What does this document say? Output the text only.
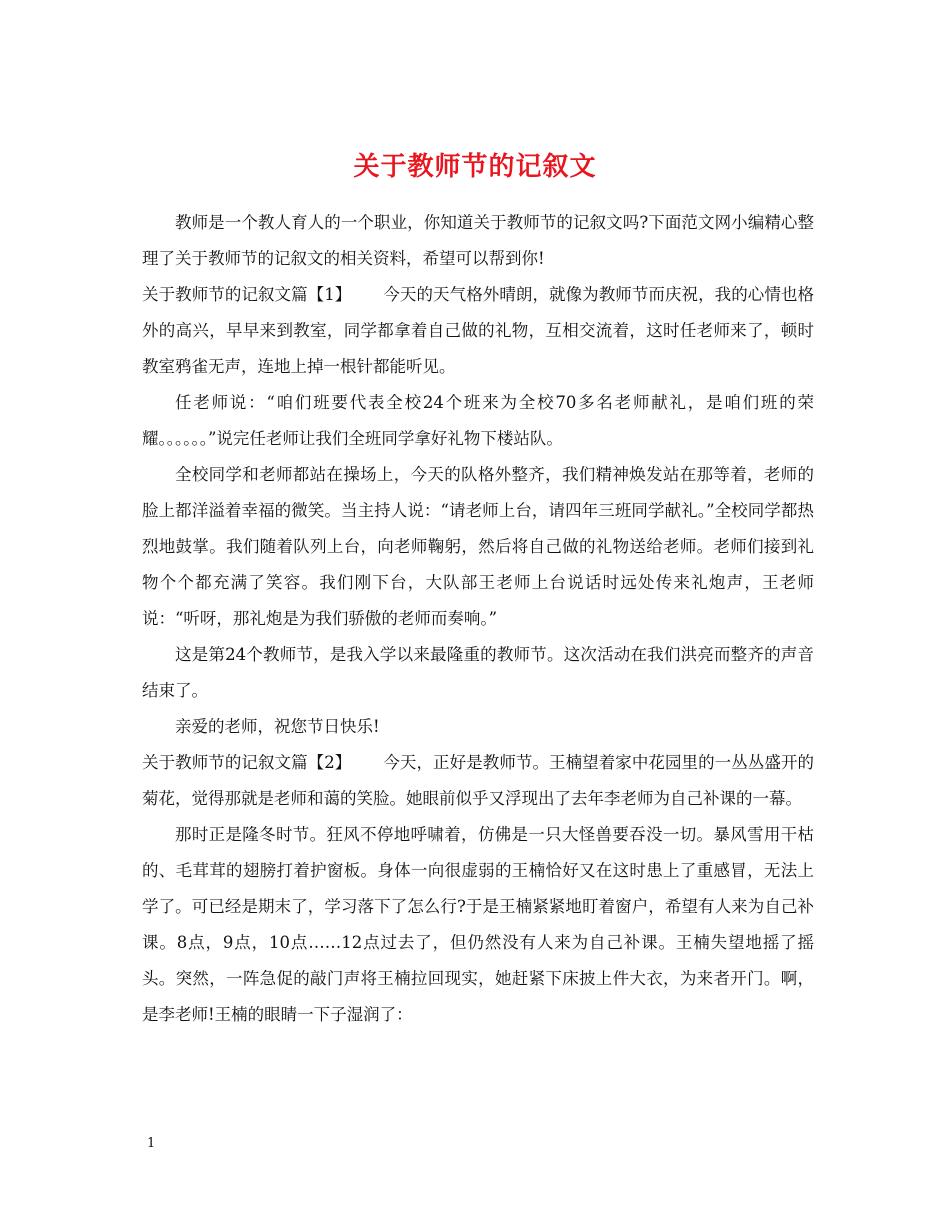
关于教师节的记叙文

教师是一个教人育人的一个职业，你知道关于教师节的记叙文吗?下面范文网小编精心整理了关于教师节的记叙文的相关资料，希望可以帮到你!

关于教师节的记叙文篇【1】 今天的天气格外晴朗，就像为教师节而庆祝，我的心情也格外的高兴，早早来到教室，同学都拿着自己做的礼物，互相交流着，这时任老师来了，顿时教室鸦雀无声，连地上掉一根针都能听见。

任老师说：“咱们班要代表全校24个班来为全校70多名老师献礼，是咱们班的荣耀。。。。。。”说完任老师让我们全班同学拿好礼物下楼站队。

全校同学和老师都站在操场上，今天的队格外整齐，我们精神焕发站在那等着，老师的脸上都洋溢着幸福的微笑。当主持人说：“请老师上台，请四年三班同学献礼。”全校同学都热烈地鼓掌。我们随着队列上台，向老师鞠躬，然后将自己做的礼物送给老师。老师们接到礼物个个都充满了笑容。我们刚下台，大队部王老师上台说话时远处传来礼炮声，王老师说：“听呀，那礼炮是为我们骄傲的老师而奏响。”

这是第24个教师节，是我入学以来最隆重的教师节。这次活动在我们洪亮而整齐的声音结束了。

亲爱的老师，祝您节日快乐!

关于教师节的记叙文篇【2】 今天，正好是教师节。王楠望着家中花园里的一丛丛盛开的菊花，觉得那就是老师和蔼的笑脸。她眼前似乎又浮现出了去年李老师为自己补课的一幕。

那时正是隆冬时节。狂风不停地呼啸着，仿佛是一只大怪兽要吞没一切。暴风雪用干枯的、毛茸茸的翅膀打着护窗板。身体一向很虚弱的王楠恰好又在这时患上了重感冒，无法上学了。可已经是期末了，学习落下了怎么行?于是王楠紧紧地盯着窗户，希望有人来为自己补课。8点，9点，10点……12点过去了，但仍然没有人来为自己补课。王楠失望地摇了摇头。突然，一阵急促的敲门声将王楠拉回现实，她赶紧下床披上件大衣，为来者开门。啊，是李老师!王楠的眼睛一下子湿润了：

1
